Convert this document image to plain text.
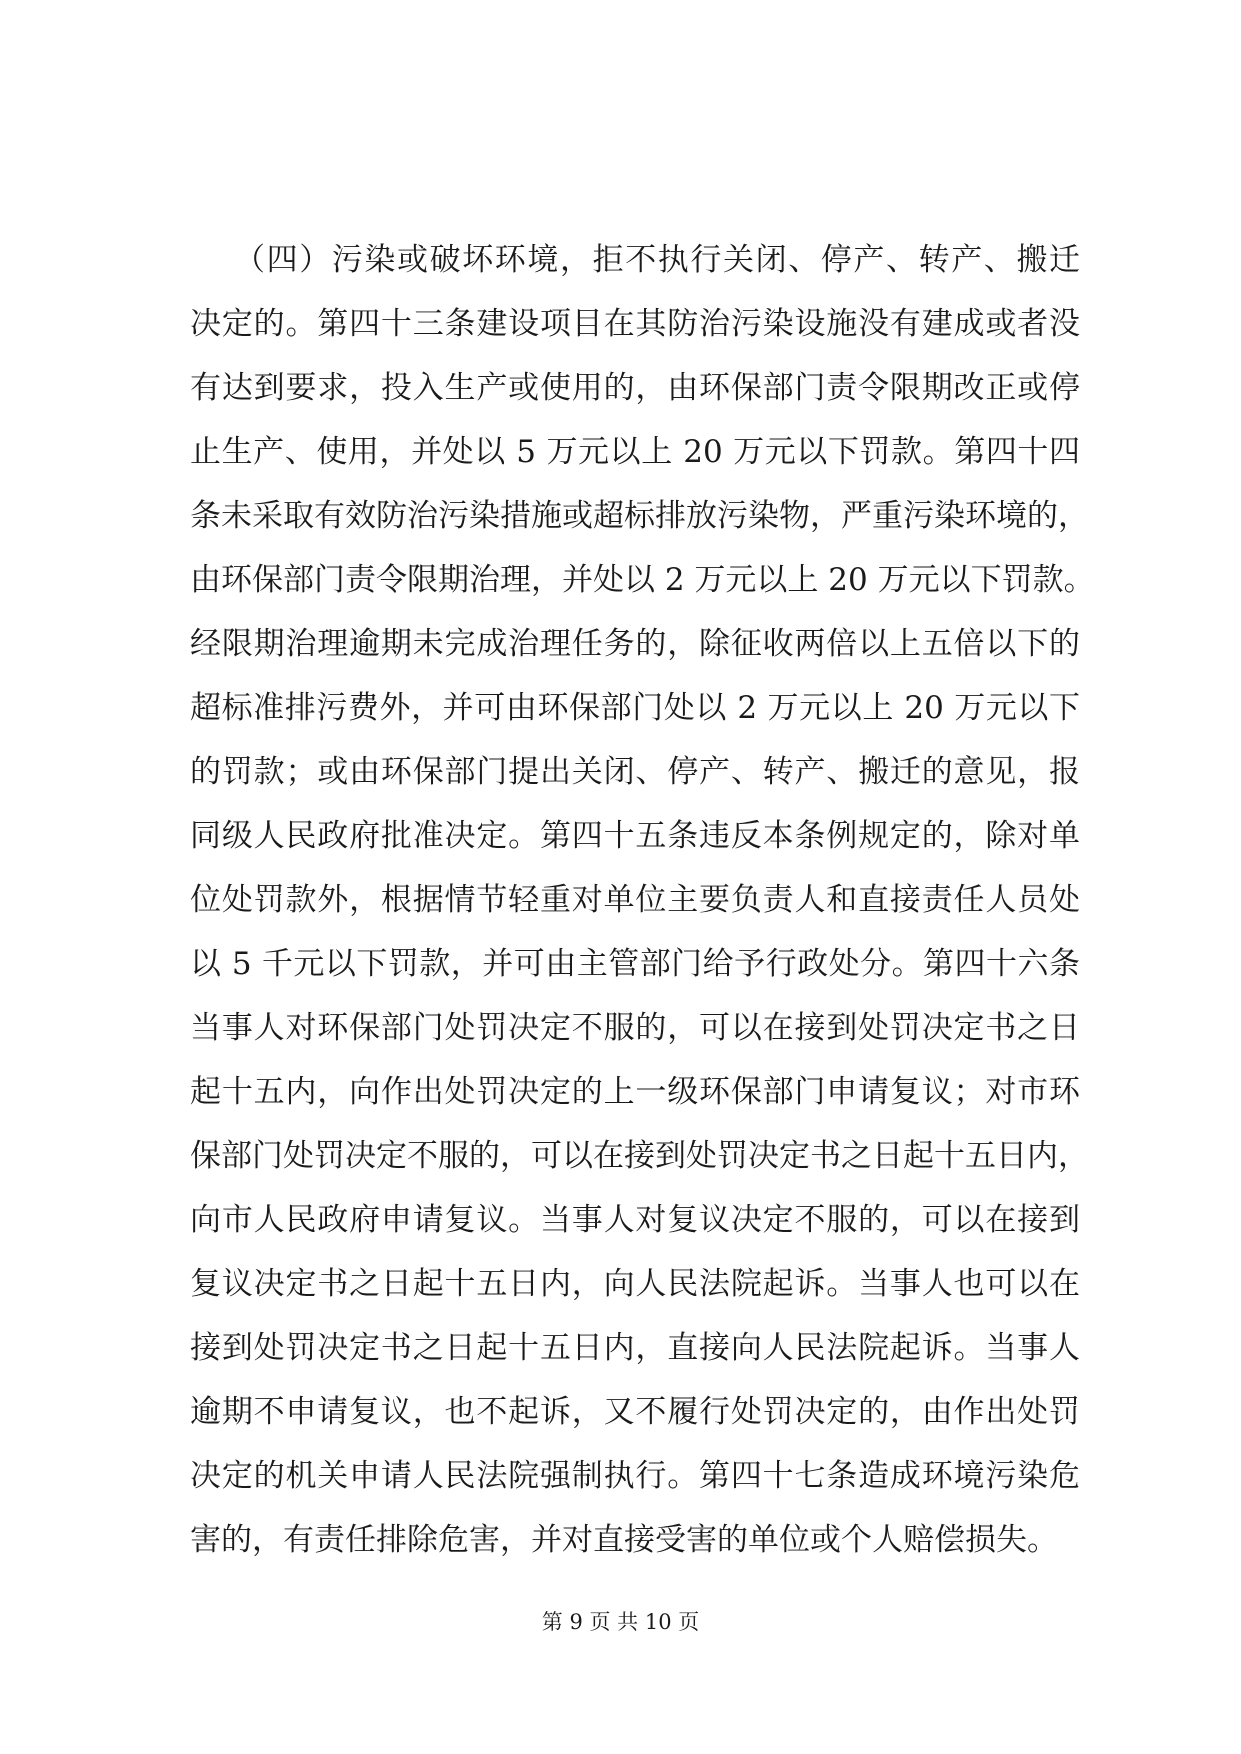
（四）污染或破坏环境，拒不执行关闭、停产、转产、搬迁
决定的。第四十三条建设项目在其防治污染设施没有建成或者没
有达到要求，投入生产或使用的，由环保部门责令限期改正或停
止生产、使用，并处以 5 万元以上 20 万元以下罚款。第四十四
条未采取有效防治污染措施或超标排放污染物，严重污染环境的，
由环保部门责令限期治理，并处以 2 万元以上 20 万元以下罚款。
经限期治理逾期未完成治理任务的，除征收两倍以上五倍以下的
超标准排污费外，并可由环保部门处以 2 万元以上 20 万元以下
的罚款；或由环保部门提出关闭、停产、转产、搬迁的意见，报
同级人民政府批准决定。第四十五条违反本条例规定的，除对单
位处罚款外，根据情节轻重对单位主要负责人和直接责任人员处
以 5 千元以下罚款，并可由主管部门给予行政处分。第四十六条
当事人对环保部门处罚决定不服的，可以在接到处罚决定书之日
起十五内，向作出处罚决定的上一级环保部门申请复议；对市环
保部门处罚决定不服的，可以在接到处罚决定书之日起十五日内，
向市人民政府申请复议。当事人对复议决定不服的，可以在接到
复议决定书之日起十五日内，向人民法院起诉。当事人也可以在
接到处罚决定书之日起十五日内，直接向人民法院起诉。当事人
逾期不申请复议，也不起诉，又不履行处罚决定的，由作出处罚
决定的机关申请人民法院强制执行。第四十七条造成环境污染危
害的，有责任排除危害，并对直接受害的单位或个人赔偿损失。
第 9 页 共 10 页
